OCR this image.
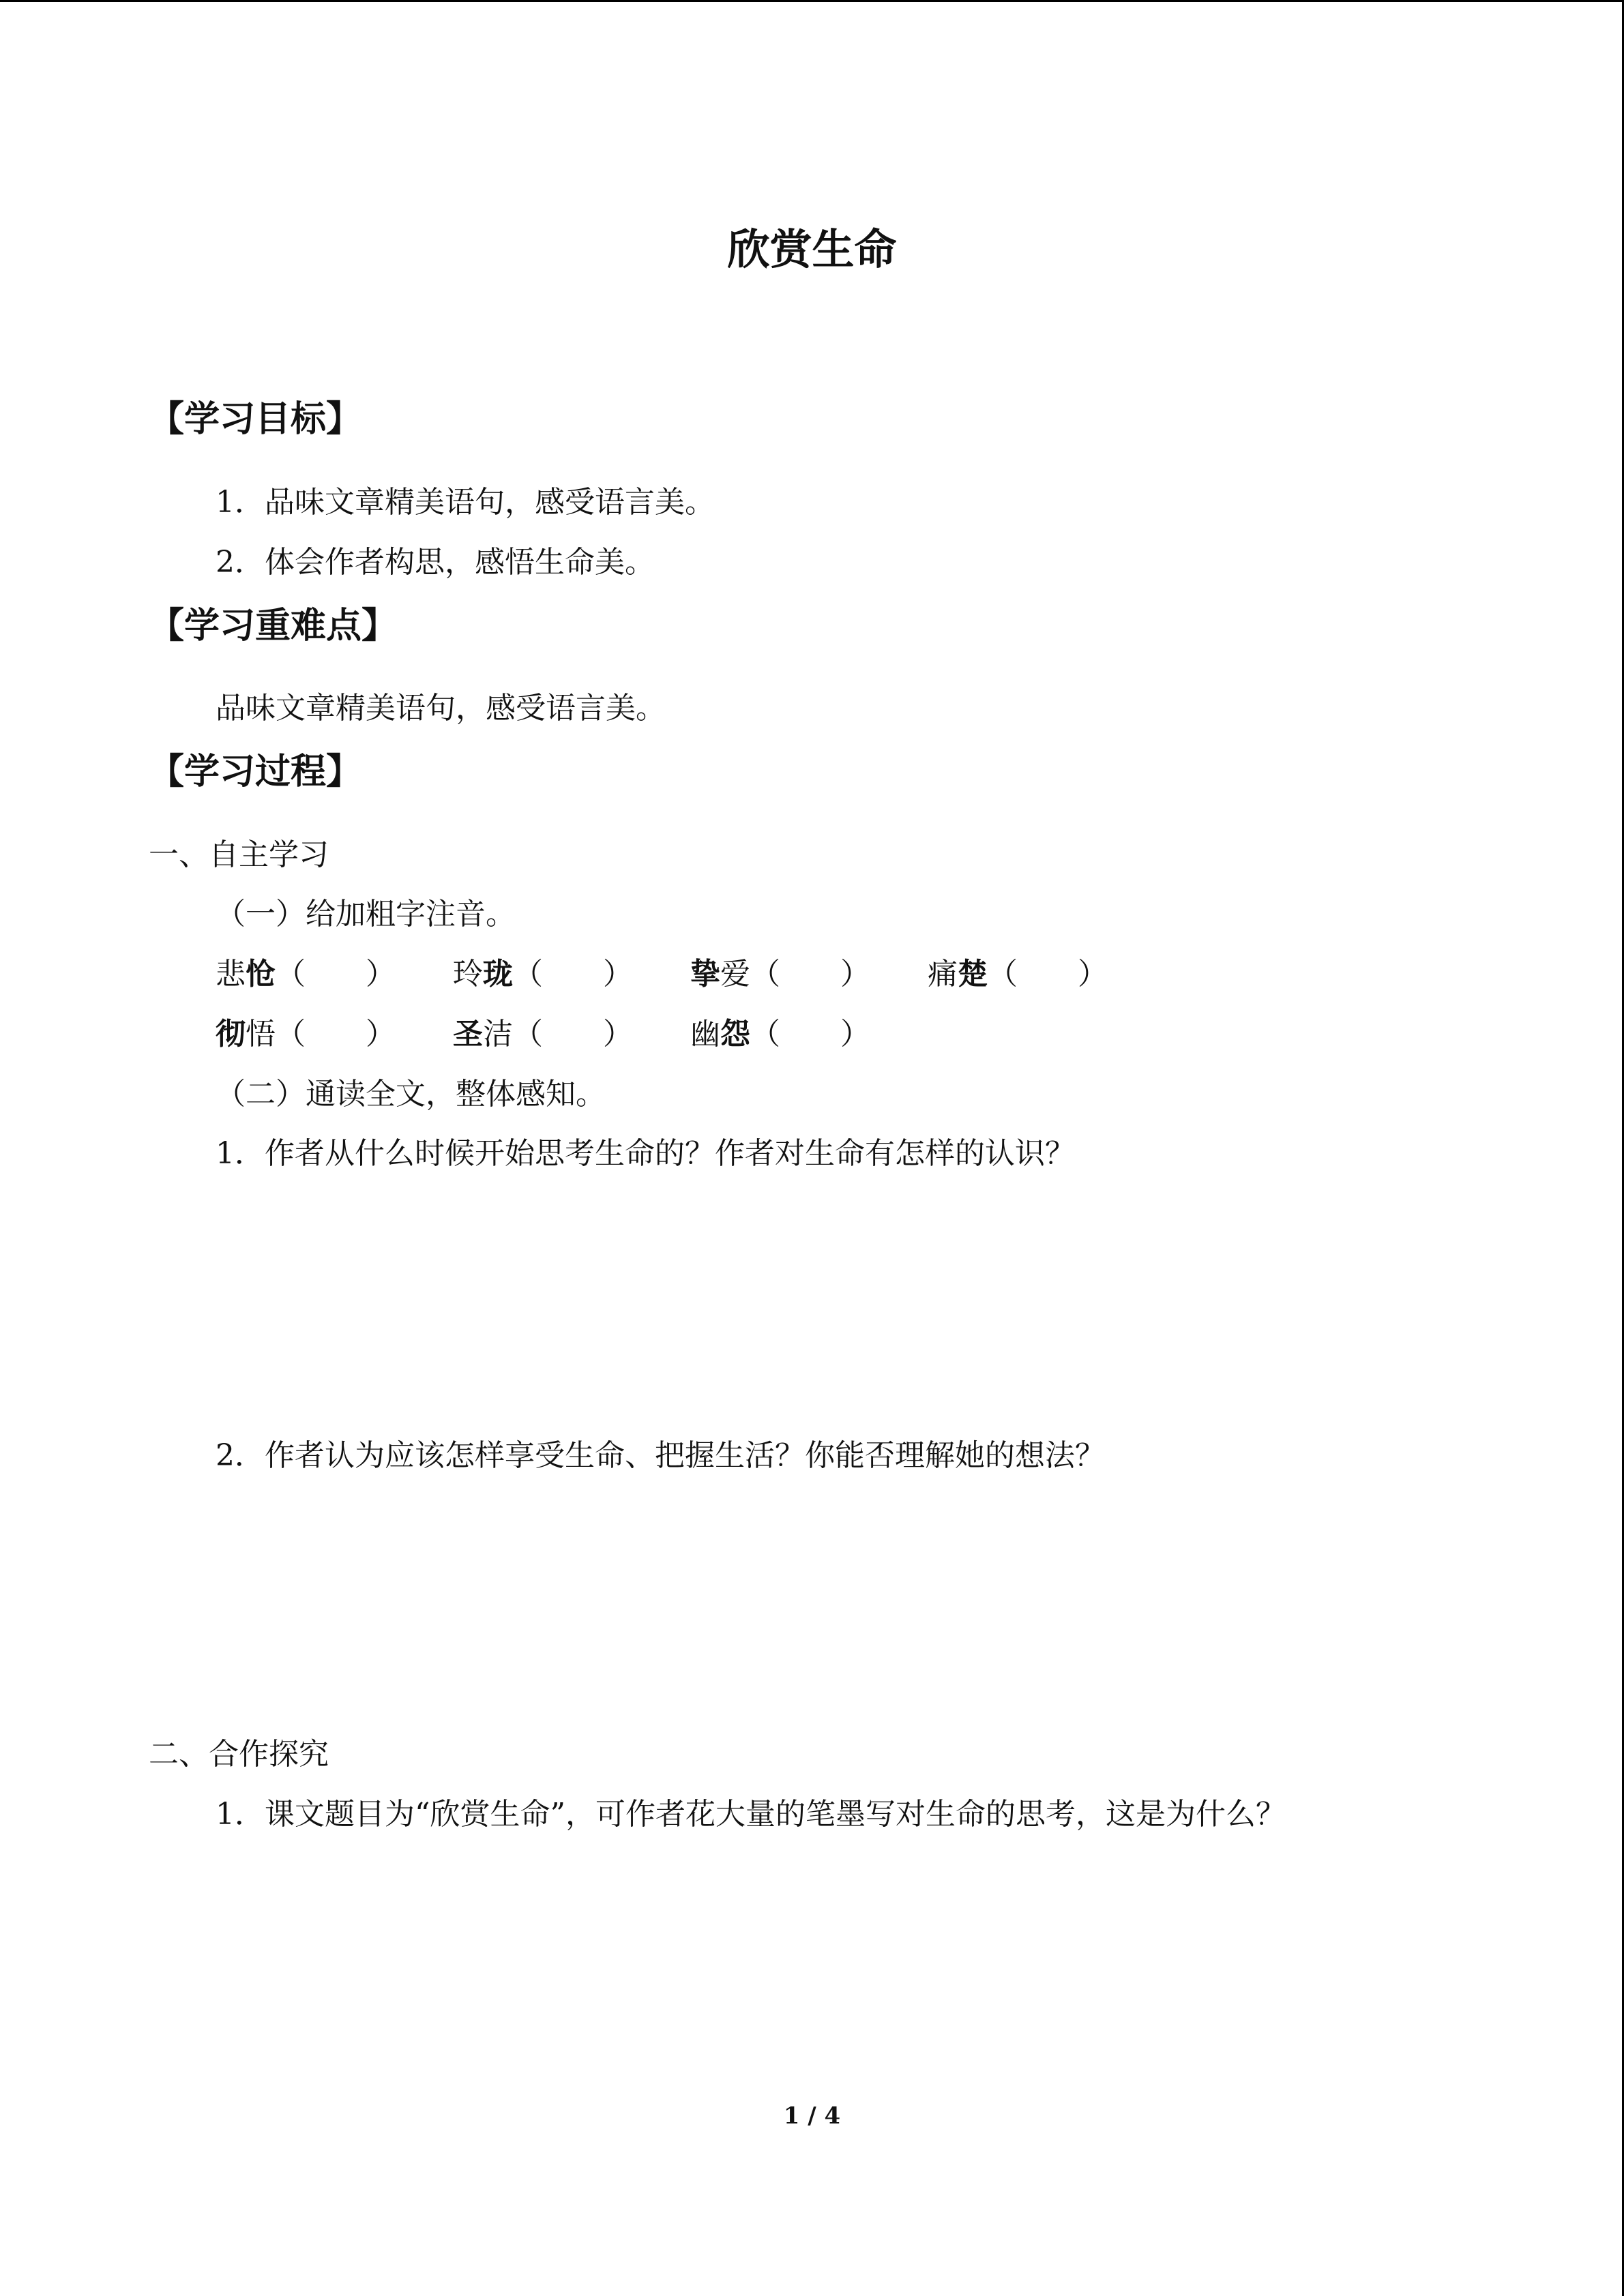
欣赏生命
【学习目标】
1．品味文章精美语句，感受语言美。
2．体会作者构思，感悟生命美。
【学习重难点】
品味文章精美语句，感受语言美。
【学习过程】
一、自主学习
（一）给加粗字注音。
悲怆（　　） 玲珑（　　） 挚爱（　　） 痛楚（　　）
彻悟（　　） 圣洁（　　） 幽怨（　　）
（二）通读全文，整体感知。
1．作者从什么时候开始思考生命的？作者对生命有怎样的认识？
2．作者认为应该怎样享受生命、把握生活？你能否理解她的想法？
二、合作探究
1．课文题目为“欣赏生命”，可作者花大量的笔墨写对生命的思考，这是为什么？
1 / 4
